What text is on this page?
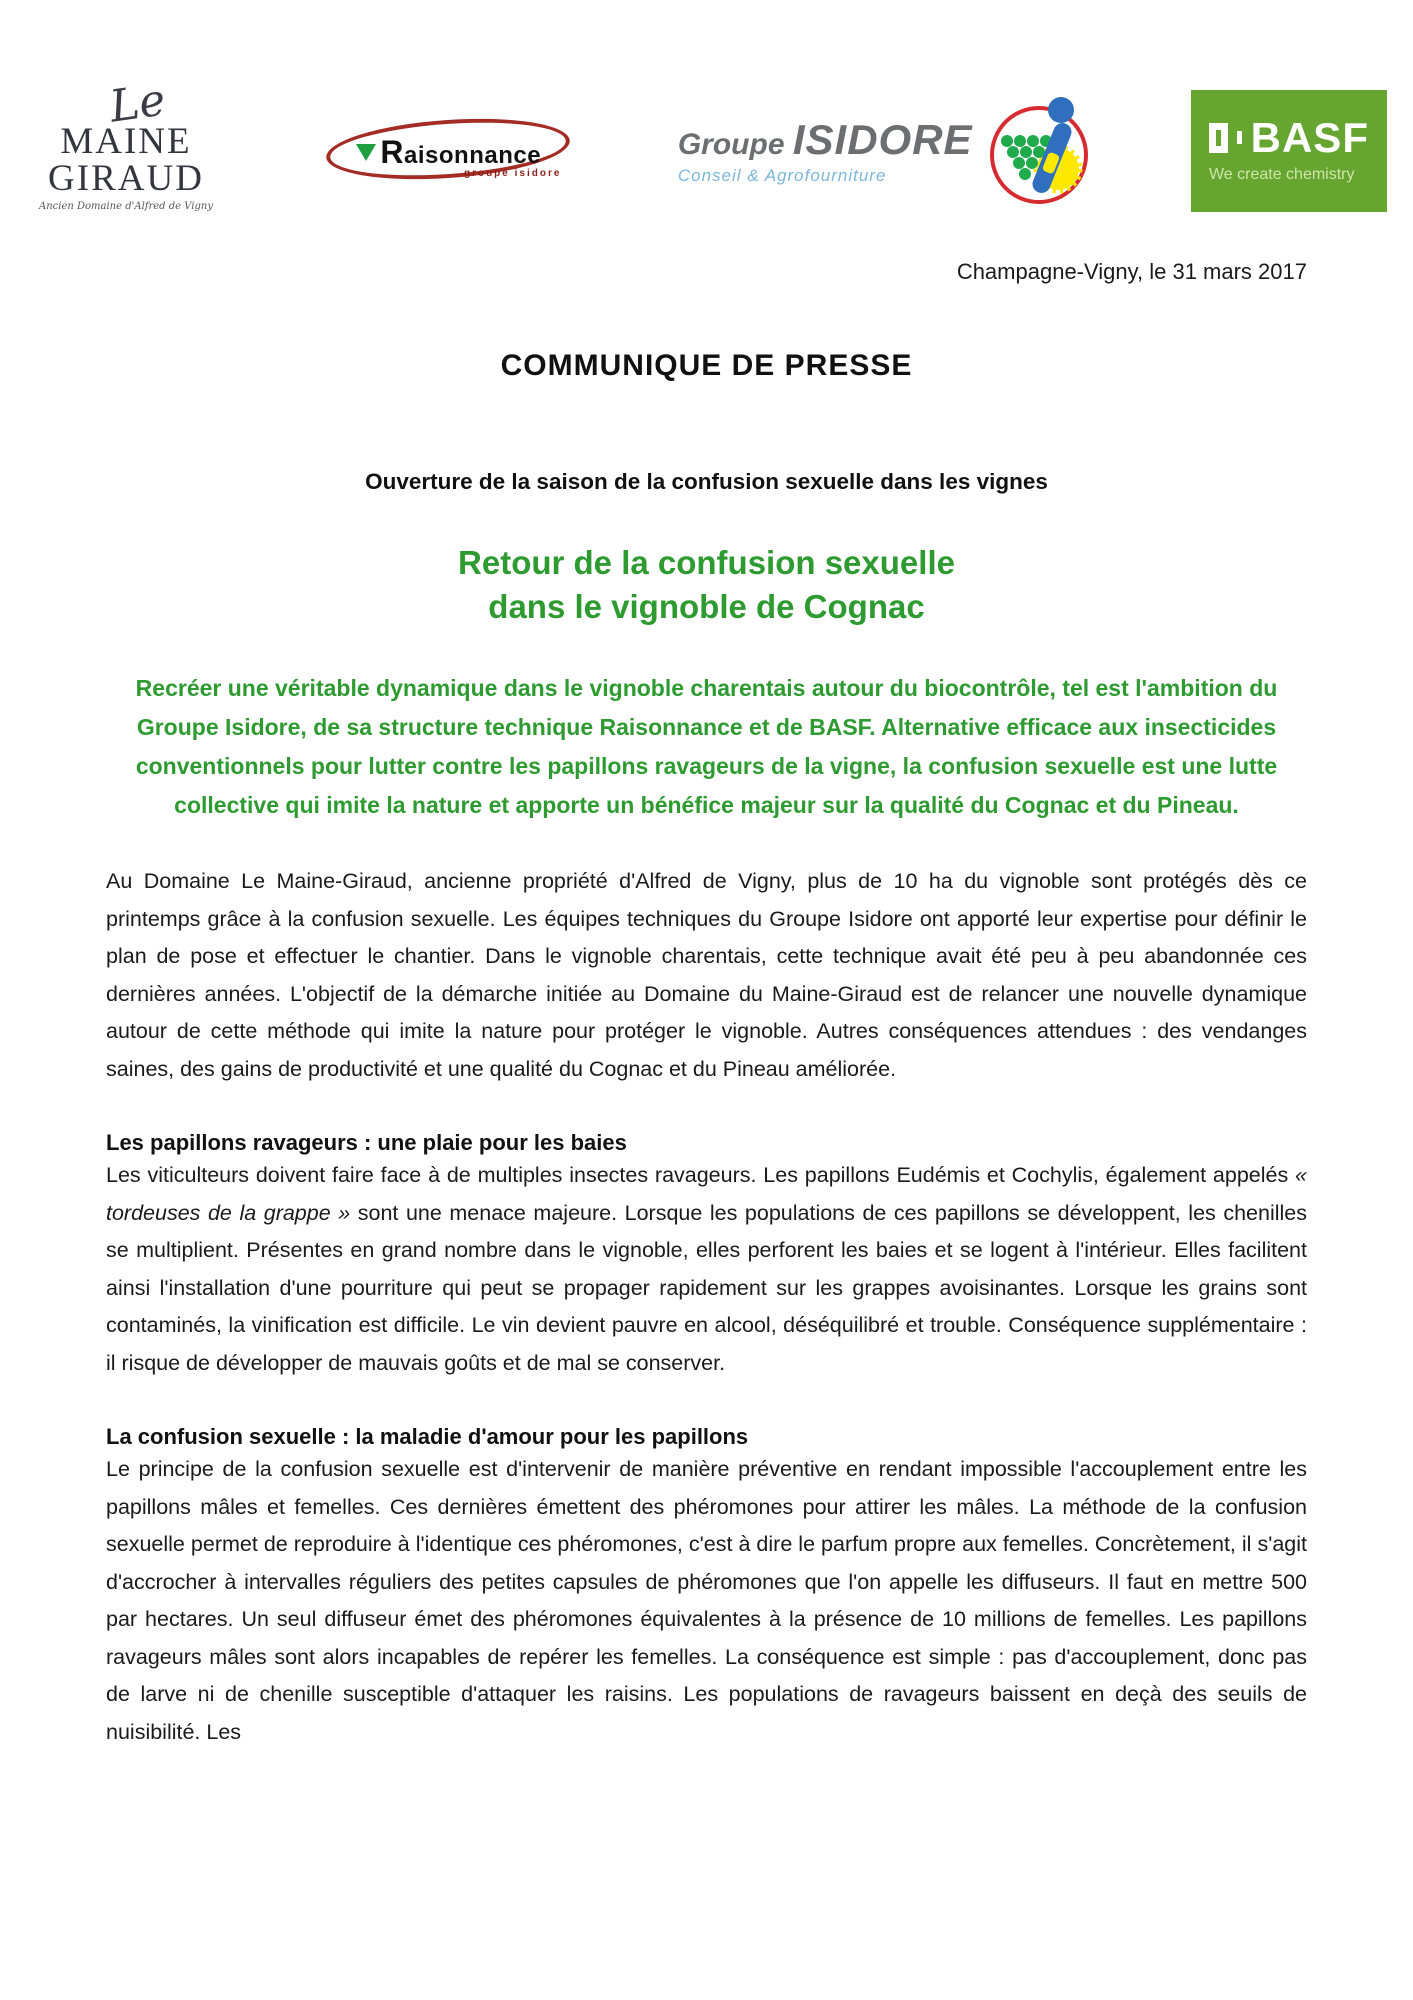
Le
MAINE
GIRAUD
Ancien Domaine d'Alfred de Vigny
Raisonnance
groupe isidore
Groupe ISIDORE
Conseil & Agrofourniture
BASF
We create chemistry
Champagne-Vigny, le 31 mars 2017
COMMUNIQUE DE PRESSE
Ouverture de la saison de la confusion sexuelle dans les vignes
Retour de la confusion sexuelle
dans le vignoble de Cognac
Recréer une véritable dynamique dans le vignoble charentais autour du biocontrôle, tel est l'ambition du Groupe Isidore, de sa structure technique Raisonnance et de BASF. Alternative efficace aux insecticides conventionnels pour lutter contre les papillons ravageurs de la vigne, la confusion sexuelle est une lutte collective qui imite la nature et apporte un bénéfice majeur sur la qualité du Cognac et du Pineau.
Au Domaine Le Maine-Giraud, ancienne propriété d'Alfred de Vigny, plus de 10 ha du vignoble sont protégés dès ce printemps grâce à la confusion sexuelle. Les équipes techniques du Groupe Isidore ont apporté leur expertise pour définir le plan de pose et effectuer le chantier. Dans le vignoble charentais, cette technique avait été peu à peu abandonnée ces dernières années. L'objectif de la démarche initiée au Domaine du Maine-Giraud est de relancer une nouvelle dynamique autour de cette méthode qui imite la nature pour protéger le vignoble. Autres conséquences attendues : des vendanges saines, des gains de productivité et une qualité du Cognac et du Pineau améliorée.
Les papillons ravageurs : une plaie pour les baies
Les viticulteurs doivent faire face à de multiples insectes ravageurs. Les papillons Eudémis et Cochylis, également appelés « tordeuses de la grappe » sont une menace majeure. Lorsque les populations de ces papillons se développent, les chenilles se multiplient. Présentes en grand nombre dans le vignoble, elles perforent les baies et se logent à l'intérieur. Elles facilitent ainsi l'installation d'une pourriture qui peut se propager rapidement sur les grappes avoisinantes. Lorsque les grains sont contaminés, la vinification est difficile. Le vin devient pauvre en alcool, déséquilibré et trouble. Conséquence supplémentaire : il risque de développer de mauvais goûts et de mal se conserver.
La confusion sexuelle : la maladie d'amour pour les papillons
Le principe de la confusion sexuelle est d'intervenir de manière préventive en rendant impossible l'accouplement entre les papillons mâles et femelles. Ces dernières émettent des phéromones pour attirer les mâles. La méthode de la confusion sexuelle permet de reproduire à l'identique ces phéromones, c'est à dire le parfum propre aux femelles. Concrètement, il s'agit d'accrocher à intervalles réguliers des petites capsules de phéromones que l'on appelle les diffuseurs. Il faut en mettre 500 par hectares. Un seul diffuseur émet des phéromones équivalentes à la présence de 10 millions de femelles. Les papillons ravageurs mâles sont alors incapables de repérer les femelles. La conséquence est simple : pas d'accouplement, donc pas de larve ni de chenille susceptible d'attaquer les raisins. Les populations de ravageurs baissent en deçà des seuils de nuisibilité. Les
